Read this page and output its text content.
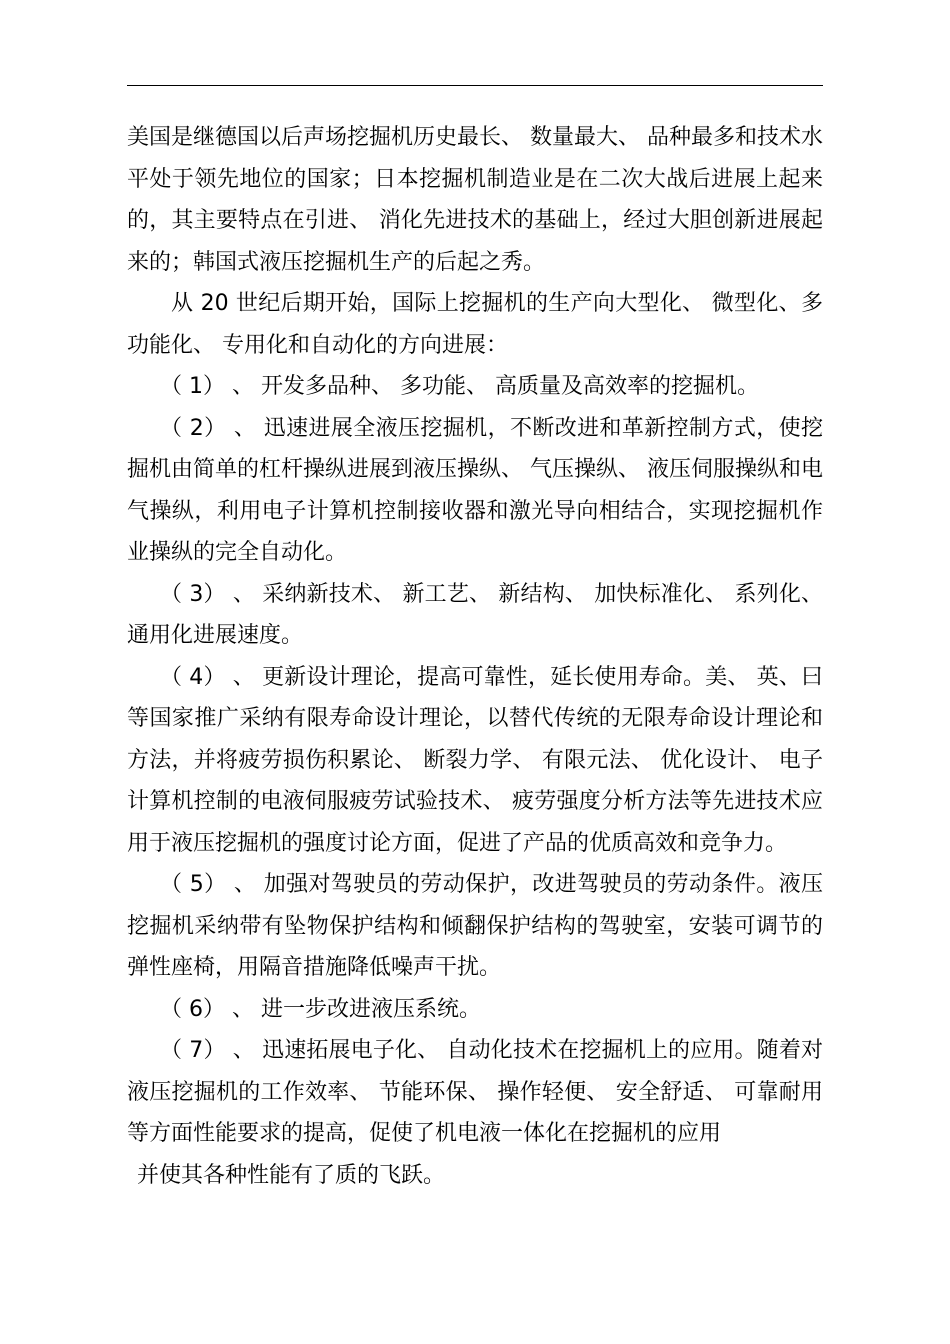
美国是继德国以后声场挖掘机历史最长、 数量最大、 品种最多和技术水平处于领先地位的国家；日本挖掘机制造业是在二次大战后进展上起来的，其主要特点在引进、 消化先进技术的基础上，经过大胆创新进展起来的；韩国式液压挖掘机生产的后起之秀。

从 20 世纪后期开始，国际上挖掘机的生产向大型化、 微型化、多功能化、 专用化和自动化的方向进展：

（ 1） 、 开发多品种、 多功能、 高质量及高效率的挖掘机。

（ 2） 、 迅速进展全液压挖掘机，不断改进和革新控制方式，使挖掘机由简单的杠杆操纵进展到液压操纵、 气压操纵、 液压伺服操纵和电气操纵，利用电子计算机控制接收器和激光导向相结合，实现挖掘机作业操纵的完全自动化。

（ 3） 、 采纳新技术、 新工艺、 新结构、 加快标准化、 系列化、 通用化进展速度。

（ 4） 、 更新设计理论，提高可靠性，延长使用寿命。美、 英、曰等国家推广采纳有限寿命设计理论，以替代传统的无限寿命设计理论和方法，并将疲劳损伤积累论、 断裂力学、 有限元法、 优化设计、 电子计算机控制的电液伺服疲劳试验技术、 疲劳强度分析方法等先进技术应用于液压挖掘机的强度讨论方面，促进了产品的优质高效和竞争力。

（ 5） 、 加强对驾驶员的劳动保护，改进驾驶员的劳动条件。液压挖掘机采纳带有坠物保护结构和倾翻保护结构的驾驶室，安装可调节的弹性座椅，用隔音措施降低噪声干扰。

（ 6） 、 进一步改进液压系统。

（ 7） 、 迅速拓展电子化、 自动化技术在挖掘机上的应用。随着对液压挖掘机的工作效率、 节能环保、 操作轻便、 安全舒适、 可靠耐用等方面性能要求的提高，促使了机电液一体化在挖掘机的应用

并使其各种性能有了质的飞跃。
